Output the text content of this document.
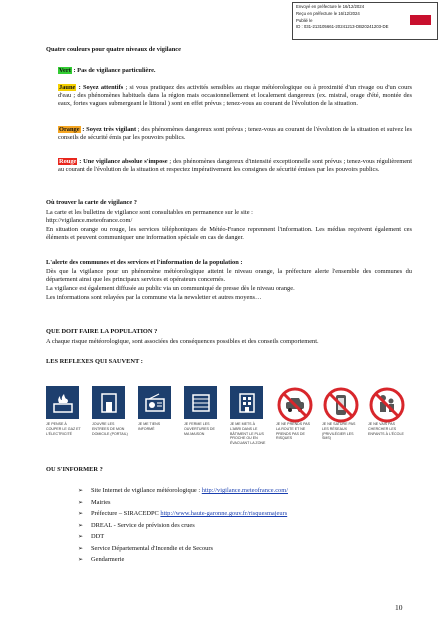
Envoyé en préfecture le 16/12/2024
Reçu en préfecture le 16/12/2024
Publié le
ID : 031-213105661-20241213-DB20241203-DE
Quatre couleurs pour quatre niveaux de vigilance
Vert : Pas de vigilance particulière.
Jaune : Soyez attentifs ; si vous pratiquez des activités sensibles au risque météorologique ou à proximité d'un rivage ou d'un cours d'eau ; des phénomènes habituels dans la région mais occasionnellement et localement dangereux (ex. mistral, orage d'été, montée des eaux, fortes vagues submergeant le littoral ) sont en effet prévus ; tenez-vous au courant de l'évolution de la situation.
Orange : Soyez très vigilant ; des phénomènes dangereux sont prévus ; tenez-vous au courant de l'évolution de la situation et suivez les conseils de sécurité émis par les pouvoirs publics.
Rouge : Une vigilance absolue s'impose ; des phénomènes dangereux d'intensité exceptionnelle sont prévus ; tenez-vous régulièrement au courant de l'évolution de la situation et respectez impérativement les consignes de sécurité émises par les pouvoirs publics.
Où trouver la carte de vigilance ?
La carte et les bulletins de vigilance sont consultables en permanence sur le site :
http://vigilance.meteofrance.com/
En situation orange ou rouge, les services téléphoniques de Météo-France reprennent l'information. Les médias reçoivent également ces éléments et peuvent communiquer une information spéciale en cas de danger.
L'alerte des communes et des services et l'information de la population :
Dès que la vigilance pour un phénomène météorologique atteint le niveau orange, la préfecture alerte l'ensemble des communes du département ainsi que les principaux services et opérateurs concernés.
La vigilance est également diffusée au public via un communiqué de presse dès le niveau orange.
Les informations sont relayées par la commune via la newsletter et autres moyens…
QUE DOIT FAIRE LA POPULATION ?
A chaque risque météorologique, sont associées des conséquences possibles et des conseils comportement.
LES REFLEXES QUI SAUVENT :
JE PENSE À COUPER LE GAZ ET L'ÉLECTRICITÉ
JOUVRE LES ENTREES DE MON DOMICILE (PORTAIL)
JE ME TIENS INFORMÉ
JE FERME LES OUVERTURES DE MA MAISON
JE ME METS À L'ABRI DANS LE BÂTIMENT LE PLUS PROCHE OU EN ÉVACUANT LA ZONE
JE NE PRENDS PAS LA ROUTE ET NE PRENDS PAS DE RISQUES
JE NE SATURE PAS LES RÉSEAUX (PRIVILÉGIER LES SMS)
JE NE VAIS PAS CHERCHER LES ENFANTS À L'ÉCOLE
OU S'INFORMER ?
➢ Site Internet de vigilance météorologique : http://vigilance.meteofrance.com/
➢ Mairies
➢ Préfecture – SIRACEDPC http://www.haute-garonne.gouv.fr/risquesmajeurs
➢ DREAL - Service de prévision des crues
➢ DDT
➢ Service Départemental d'Incendie et de Secours
➢ Gendarmerie
10
